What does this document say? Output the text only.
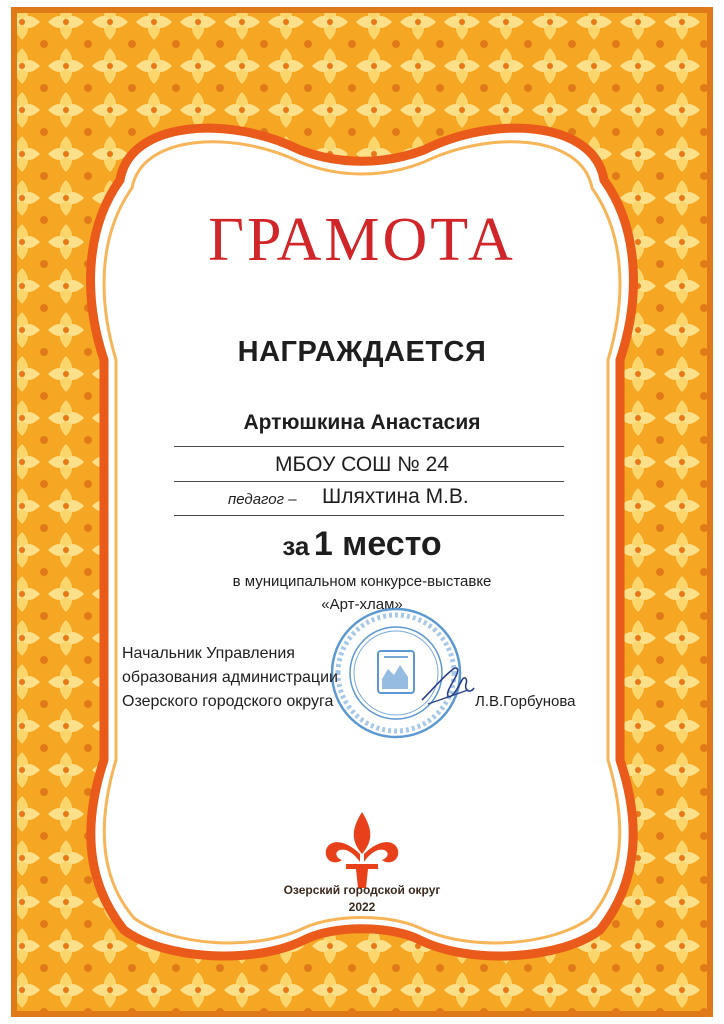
ГРАМОТА
НАГРАЖДАЕТСЯ
Артюшкина Анастасия
МБОУ СОШ № 24
педагог – Шляхтина М.В.
за 1 место
в муниципальном конкурсе-выставке
«Арт-хлам»
Начальник Управления
образования администрации
Озерского городского округа	Л.В.Горбунова
Озерский городской округ
2022
